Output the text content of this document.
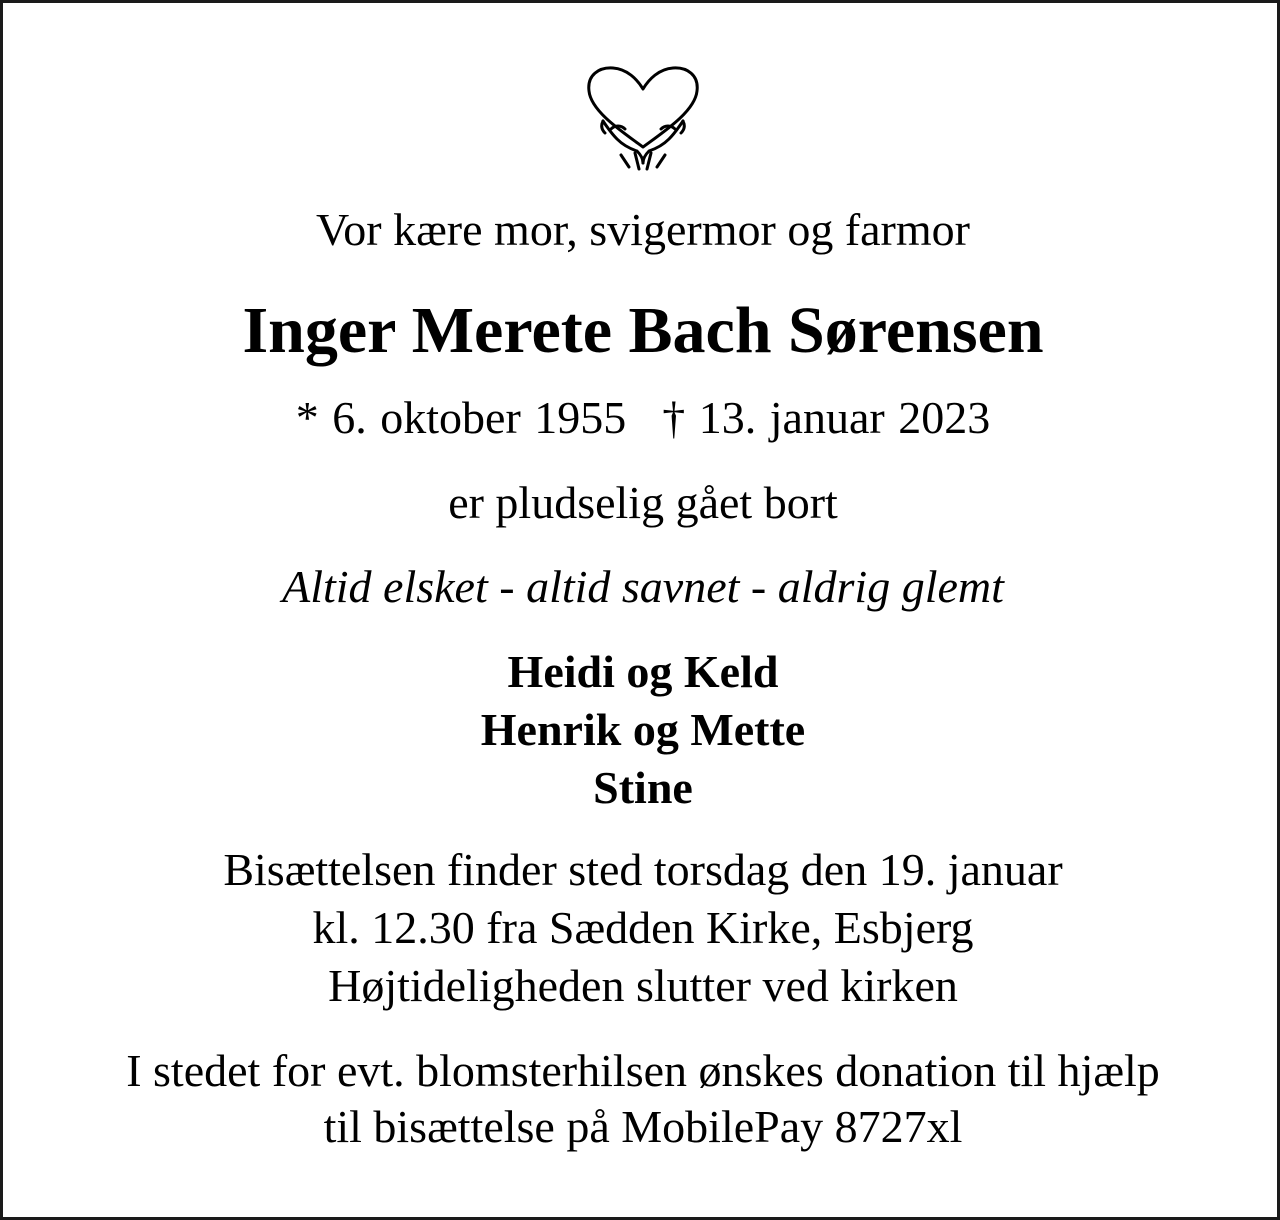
Vor kære mor, svigermor og farmor
Inger Merete Bach Sørensen
* 6. oktober 1955 † 13. januar 2023
er pludselig gået bort
Altid elsket - altid savnet - aldrig glemt
Heidi og Keld
Henrik og Mette
Stine
Bisættelsen finder sted torsdag den 19. januar
kl. 12.30 fra Sædden Kirke, Esbjerg
Højtideligheden slutter ved kirken
I stedet for evt. blomsterhilsen ønskes donation til hjælp
til bisættelse på MobilePay 8727xl
